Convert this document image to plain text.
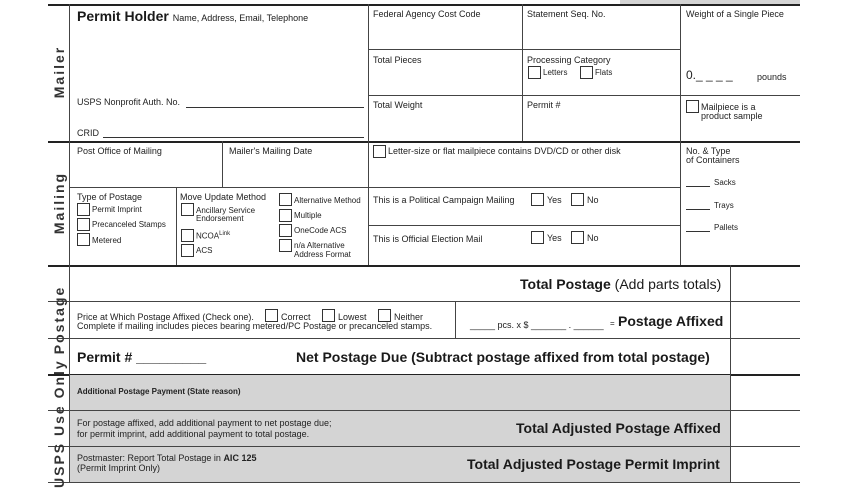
Mailer
Mailing
Postage
USPS Use Only
Permit Holder Name, Address, Email, Telephone
USPS Nonprofit Auth. No.
CRID
Federal Agency Cost Code	Statement Seq. No.	Weight of a Single Piece
Total Pieces	Processing Category
Letters	Flats	0._ _ _ _	pounds
Total Weight	Permit #	Mailpiece is a
product sample
Post Office of Mailing	Mailer's Mailing Date	Letter-size or flat mailpiece contains DVD/CD or other disk	No. & Type
of Containers
Sacks
Trays
Pallets
Type of Postage
Permit Imprint
Precanceled Stamps
Metered
Move Update Method
Ancillary Service
Endorsement
$NCOA^{Link}$
ACS
Alternative Method
Multiple
OneCode ACS
n/a Alternative
Address Format
This is a Political Campaign Mailing	Yes	No
This is Official Election Mail	Yes	No
Total Postage (Add parts totals)
Price at Which Postage Affixed (Check one).	Correct	Lowest	Neither
Complete if mailing includes pieces bearing metered/PC Postage or precanceled stamps.	_____ pcs. x $ _______ . ______ = Postage Affixed
Permit # _________	Net Postage Due (Subtract postage affixed from total postage)
Additional Postage Payment (State reason)
For postage affixed, add additional payment to net postage due;
for permit imprint, add additional payment to total postage.	Total Adjusted Postage Affixed
Postmaster: Report Total Postage in AIC 125
(Permit Imprint Only)	Total Adjusted Postage Permit Imprint
